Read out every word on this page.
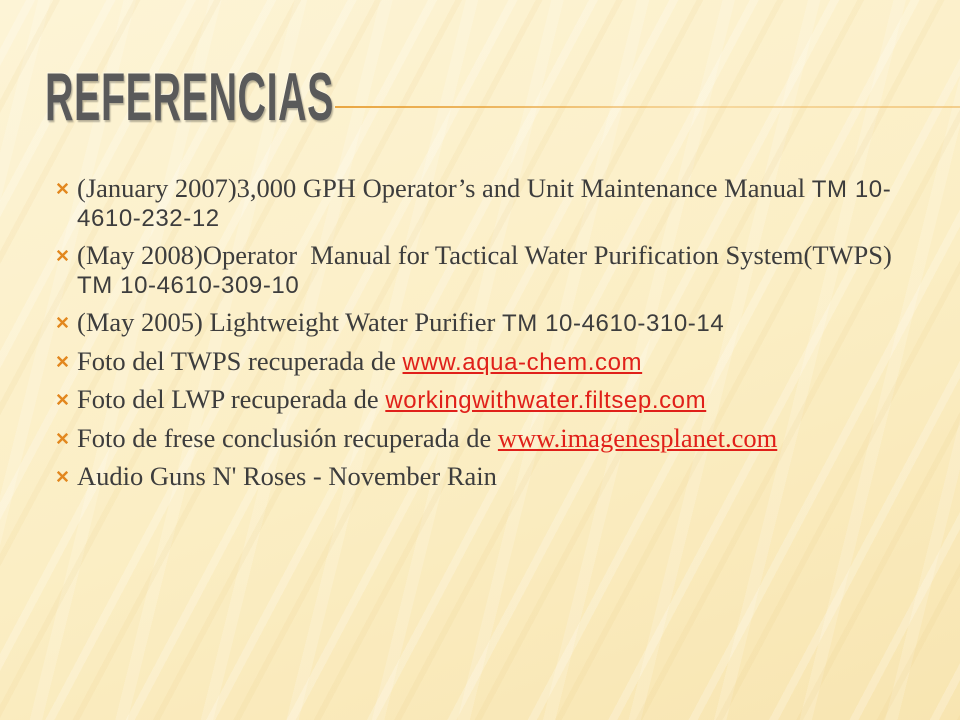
REFERENCIAS
(January 2007)3,000 GPH Operator’s and Unit Maintenance Manual TM 10-4610-232-12
(May 2008)Operator  Manual for Tactical Water Purification System(TWPS) TM 10-4610-309-10
(May 2005) Lightweight Water Purifier TM 10-4610-310-14
Foto del TWPS recuperada de www.aqua-chem.com
Foto del LWP recuperada de workingwithwater.filtsep.com
Foto de frese conclusión recuperada de www.imagenesplanet.com
Audio Guns N' Roses - November Rain
